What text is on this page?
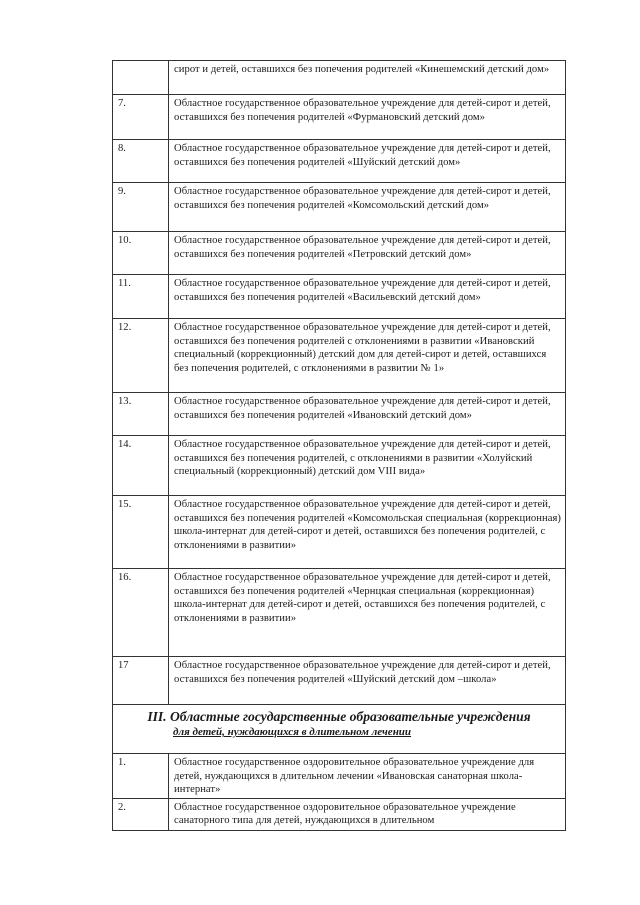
	сирот и детей, оставшихся без попечения родителей «Кинешемский детский дом»

7.	Областное государственное образовательное учреждение для детей-сирот и детей, оставшихся без попечения родителей «Фурмановский детский дом»

8.	Областное государственное образовательное учреждение для детей-сирот и детей, оставшихся без попечения родителей «Шуйский детский дом»

9.	Областное государственное образовательное учреждение для детей-сирот и детей, оставшихся без попечения родителей «Комсомольский детский дом»

10.	Областное государственное образовательное учреждение для детей-сирот и детей, оставшихся без попечения родителей «Петровский детский дом»

11.	Областное государственное образовательное учреждение для детей-сирот и детей, оставшихся без попечения родителей «Васильевский детский дом»

12.	Областное государственное образовательное учреждение для детей-сирот и детей, оставшихся без попечения родителей с отклонениями в развитии «Ивановский специальный (коррекционный) детский дом для детей-сирот и детей, оставшихся без попечения родителей, с отклонениями в развитии № 1»

13.	Областное государственное образовательное учреждение для детей-сирот и детей, оставшихся без попечения родителей «Ивановский детский дом»

14.	Областное государственное образовательное учреждение для детей-сирот и детей, оставшихся без попечения родителей, с отклонениями в развитии «Холуйский специальный (коррекционный) детский дом VIII вида»

15.	Областное государственное образовательное учреждение для детей-сирот и детей, оставшихся без попечения родителей «Комсомольская специальная (коррекционная) школа-интернат для детей-сирот и детей, оставшихся без попечения родителей, с отклонениями в развитии»

16.	Областное государственное образовательное учреждение для детей-сирот и детей, оставшихся без попечения родителей «Чернцкая специальная (коррекционная) школа-интернат для детей-сирот и детей, оставшихся без попечения родителей, с отклонениями в развитии»

17	Областное государственное образовательное учреждение для детей-сирот и детей, оставшихся без попечения родителей «Шуйский детский дом –школа»

III. Областные государственные образовательные учреждения
для детей, нуждающихся в длительном лечении	

1.	Областное государственное оздоровительное образовательное учреждение для детей, нуждающихся в длительном лечении «Ивановская санаторная школа-интернат»

2.	Областное государственное оздоровительное образовательное учреждение санаторного типа для детей, нуждающихся в длительном
